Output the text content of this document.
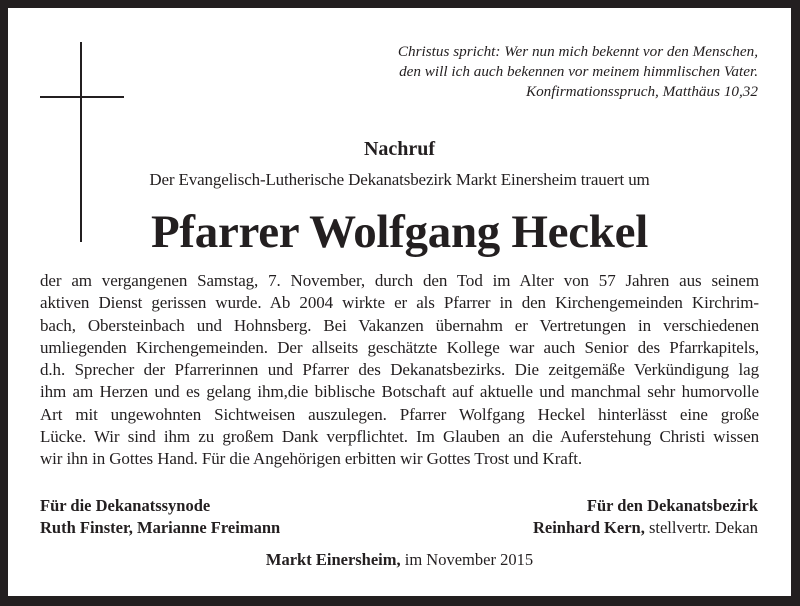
Christus spricht: Wer nun mich bekennt vor den Menschen,
den will ich auch bekennen vor meinem himmlischen Vater.
Konfirmationsspruch, Matthäus 10,32
Nachruf
Der Evangelisch-Lutherische Dekanatsbezirk Markt Einersheim trauert um
Pfarrer Wolfgang Heckel
der am vergangenen Samstag, 7. November, durch den Tod im Alter von 57 Jahren aus seinem
aktiven Dienst gerissen wurde. Ab 2004 wirkte er als Pfarrer in den Kirchengemeinden Kirchrim-
bach, Obersteinbach und Hohnsberg. Bei Vakanzen übernahm er Vertretungen in verschiedenen
umliegenden Kirchengemeinden. Der allseits geschätzte Kollege war auch Senior des Pfarrkapitels,
d.h. Sprecher der Pfarrerinnen und Pfarrer des Dekanatsbezirks. Die zeitgemäße Verkündigung lag
ihm am Herzen und es gelang ihm,die biblische Botschaft auf aktuelle und manchmal sehr humorvolle
Art mit ungewohnten Sichtweisen auszulegen. Pfarrer Wolfgang Heckel hinterlässt eine große
Lücke. Wir sind ihm zu großem Dank verpflichtet. Im Glauben an die Auferstehung Christi wissen
wir ihn in Gottes Hand. Für die Angehörigen erbitten wir Gottes Trost und Kraft.
Für die Dekanatssynode
Ruth Finster, Marianne Freimann
Für den Dekanatsbezirk
Reinhard Kern, stellvertr. Dekan
Markt Einersheim, im November 2015
